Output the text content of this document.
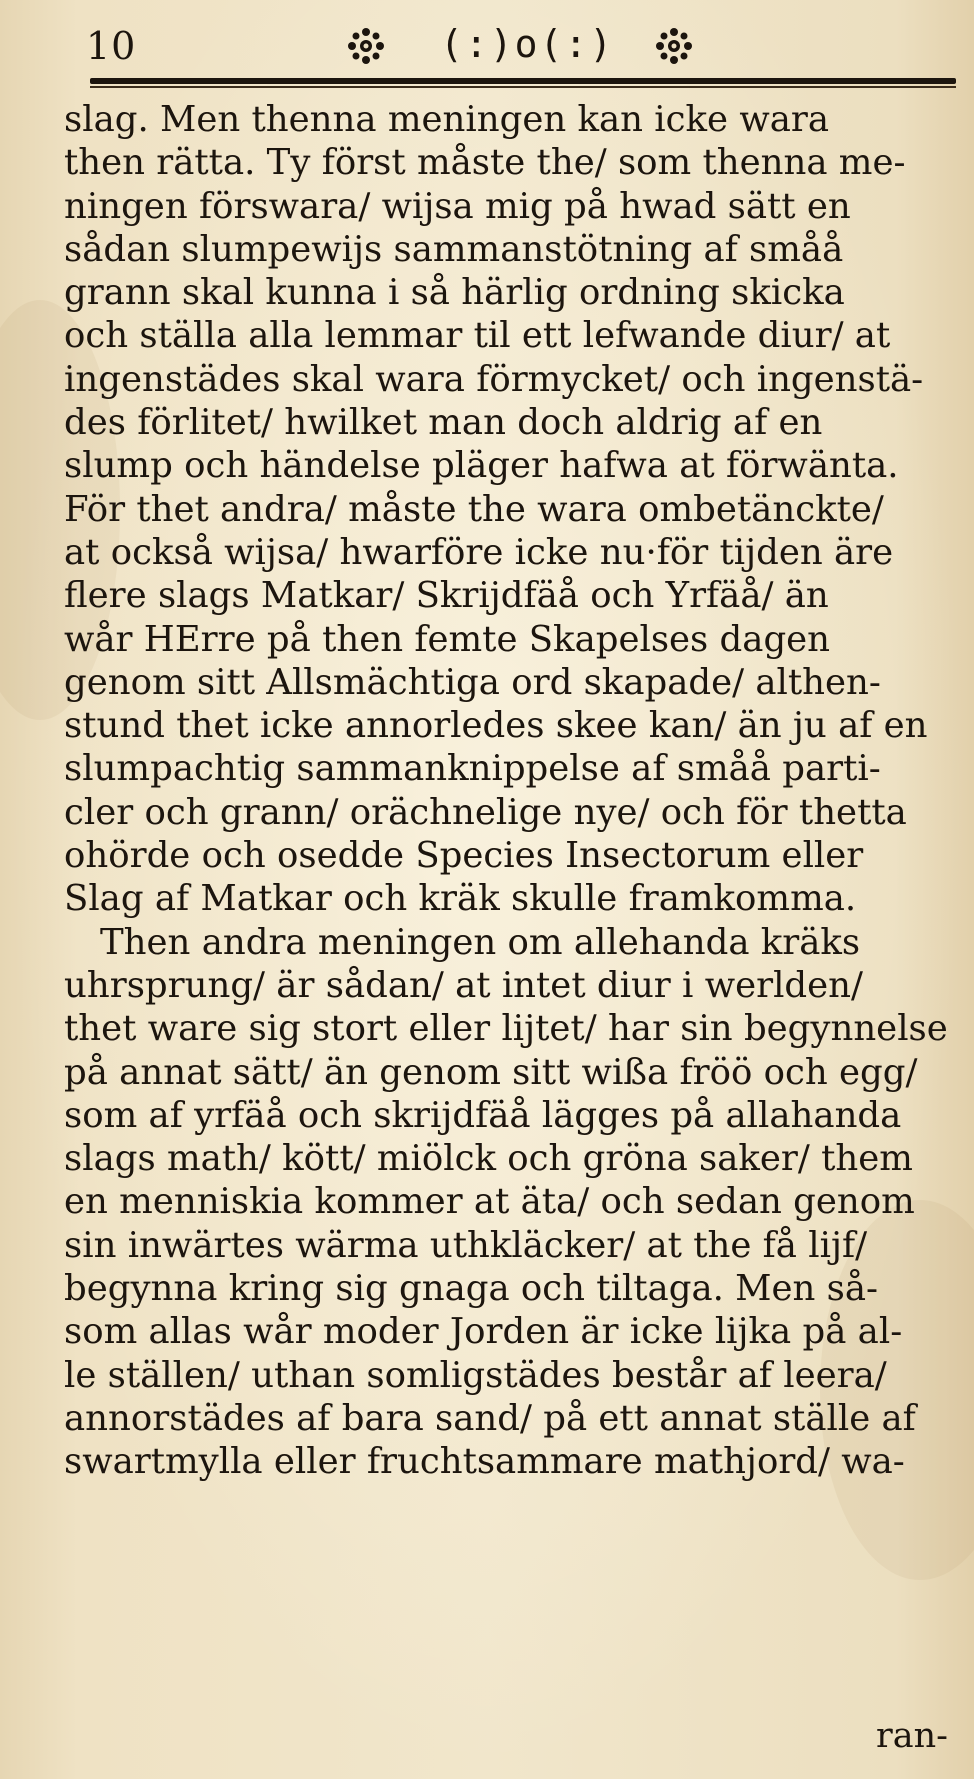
10	(:)o(:)
slag. Men thenna meningen kan icke wara
then rätta. Ty först måste the/ som thenna me-
ningen förswara/ wijsa mig på hwad sätt en
sådan slumpewijs sammanstötning af småå
grann skal kunna i så härlig ordning skicka
och ställa alla lemmar til ett lefwande diur/ at
ingenstädes skal wara förmycket/ och ingenstä-
des förlitet/ hwilket man doch aldrig af en
slump och händelse pläger hafwa at förwänta.
För thet andra/ måste the wara ombetänckte/
at också wijsa/ hwarföre icke nu·för tijden äre
flere slags Matkar/ Skrijdfäå och Yrfäå/ än
wår HErre på then femte Skapelses dagen
genom sitt Allsmächtiga ord skapade/ althen-
stund thet icke annorledes skee kan/ än ju af en
slumpachtig sammanknippelse af småå parti-
cler och grann/ orächnelige nye/ och för thetta
ohörde och osedde Species Insectorum eller
Slag af Matkar och kräk skulle framkomma.
Then andra meningen om allehanda kräks
uhrsprung/ är sådan/ at intet diur i werlden/
thet ware sig stort eller lijtet/ har sin begynnelse
på annat sätt/ än genom sitt wißa fröö och egg/
som af yrfäå och skrijdfäå lägges på allahanda
slags math/ kött/ miölck och gröna saker/ them
en menniskia kommer at äta/ och sedan genom
sin inwärtes wärma uthkläcker/ at the få lijf/
begynna kring sig gnaga och tiltaga. Men så-
som allas wår moder Jorden är icke lijka på al-
le ställen/ uthan somligstädes består af leera/
annorstädes af bara sand/ på ett annat ställe af
swartmylla eller fruchtsammare mathjord/ wa-
ran-
